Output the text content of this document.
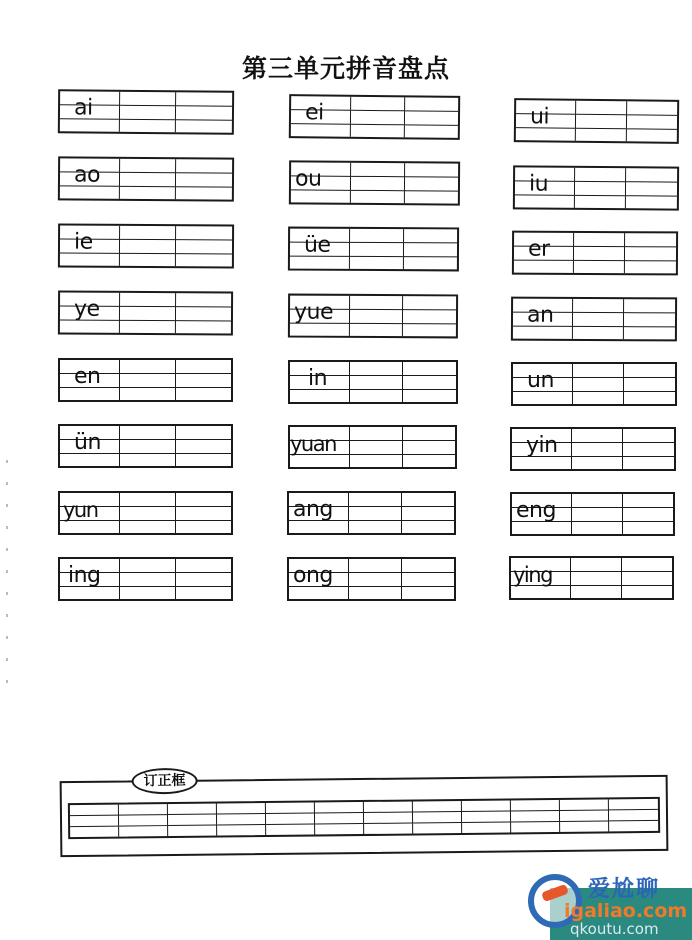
第三单元拼音盘点
ai	ei	ui
ao	ou	iu
ie	üe	er
ye	yue	an
en	in	un
ün	yuan	yin
yun	ang	eng
ing	ong	ying
订正框
爱尬聊
igaliao.com
qkoutu.com
